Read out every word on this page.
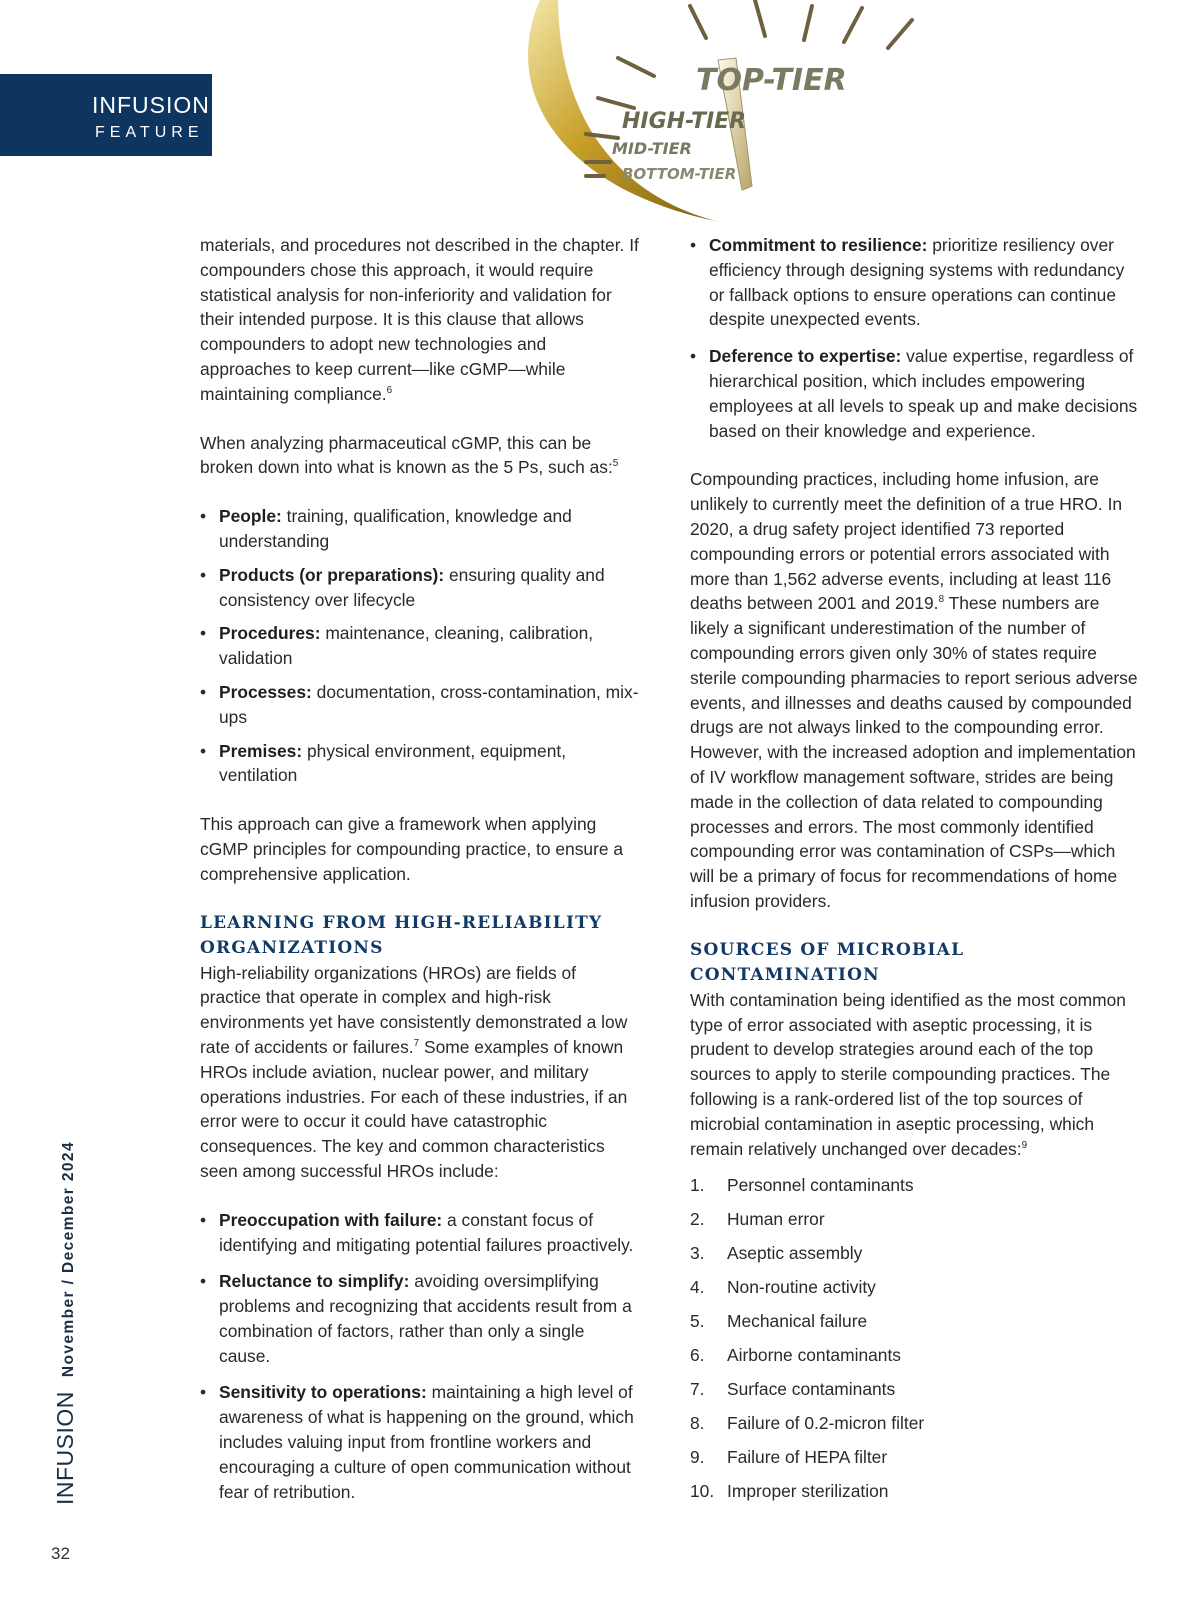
INFUSION
FEATURE
TOP-TIER
HIGH-TIER
MID-TIER
BOTTOM-TIER

materials, and procedures not described in the chapter. If compounders chose this approach, it would require statistical analysis for non-inferiority and validation for their intended purpose. It is this clause that allows compounders to adopt new technologies and approaches to keep current—like cGMP—while maintaining compliance.$^6$

When analyzing pharmaceutical cGMP, this can be broken down into what is known as the 5 Ps, such as:$^5$

• People: training, qualification, knowledge and understanding
• Products (or preparations): ensuring quality and consistency over lifecycle
• Procedures: maintenance, cleaning, calibration, validation
• Processes: documentation, cross-contamination, mix-ups
• Premises: physical environment, equipment, ventilation

This approach can give a framework when applying cGMP principles for compounding practice, to ensure a comprehensive application.

LEARNING FROM HIGH-RELIABILITY ORGANIZATIONS

High-reliability organizations (HROs) are fields of practice that operate in complex and high-risk environments yet have consistently demonstrated a low rate of accidents or failures.$^7$ Some examples of known HROs include aviation, nuclear power, and military operations industries. For each of these industries, if an error were to occur it could have catastrophic consequences. The key and common characteristics seen among successful HROs include:

• Preoccupation with failure: a constant focus of identifying and mitigating potential failures proactively.
• Reluctance to simplify: avoiding oversimplifying problems and recognizing that accidents result from a combination of factors, rather than only a single cause.
• Sensitivity to operations: maintaining a high level of awareness of what is happening on the ground, which includes valuing input from frontline workers and encouraging a culture of open communication without fear of retribution.
• Commitment to resilience: prioritize resiliency over efficiency through designing systems with redundancy or fallback options to ensure operations can continue despite unexpected events.
• Deference to expertise: value expertise, regardless of hierarchical position, which includes empowering employees at all levels to speak up and make decisions based on their knowledge and experience.

Compounding practices, including home infusion, are unlikely to currently meet the definition of a true HRO. In 2020, a drug safety project identified 73 reported compounding errors or potential errors associated with more than 1,562 adverse events, including at least 116 deaths between 2001 and 2019.$^8$ These numbers are likely a significant underestimation of the number of compounding errors given only 30% of states require sterile compounding pharmacies to report serious adverse events, and illnesses and deaths caused by compounded drugs are not always linked to the compounding error. However, with the increased adoption and implementation of IV workflow management software, strides are being made in the collection of data related to compounding processes and errors. The most commonly identified compounding error was contamination of CSPs—which will be a primary of focus for recommendations of home infusion providers.

SOURCES OF MICROBIAL CONTAMINATION

With contamination being identified as the most common type of error associated with aseptic processing, it is prudent to develop strategies around each of the top sources to apply to sterile compounding practices. The following is a rank-ordered list of the top sources of microbial contamination in aseptic processing, which remain relatively unchanged over decades:$^9$

1.	Personnel contaminants
2.	Human error
3.	Aseptic assembly
4.	Non-routine activity
5.	Mechanical failure
6.	Airborne contaminants
7.	Surface contaminants
8.	Failure of 0.2-micron filter
9.	Failure of HEPA filter
10. Improper sterilization
INFUSION
November / December 2024
32
